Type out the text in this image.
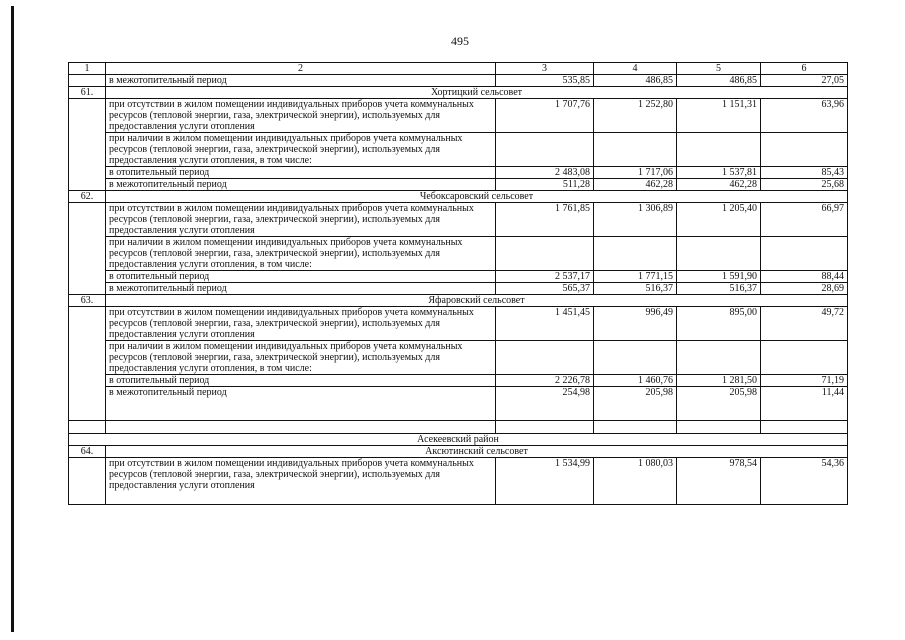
495
1	2	3	4	5	6
	в межотопительный период	535,85	486,85	486,85	27,05
61.	Хортицкий сельсовет				
	при отсутствии в жилом помещении индивидуальных приборов учета коммунальных ресурсов (тепловой энергии, газа, электрической энергии), используемых для предоставления услуги отопления	1 707,76	1 252,80	1 151,31	63,96
	при наличии в жилом помещении индивидуальных приборов учета коммунальных ресурсов (тепловой энергии, газа, электрической энергии), используемых для предоставления услуги отопления, в том числе:				
	в отопительный период	2 483,08	1 717,06	1 537,81	85,43
	в межотопительный период	511,28	462,28	462,28	25,68
62.	Чебоксаровский сельсовет				
	при отсутствии в жилом помещении индивидуальных приборов учета коммунальных ресурсов (тепловой энергии, газа, электрической энергии), используемых для предоставления услуги отопления	1 761,85	1 306,89	1 205,40	66,97
	при наличии в жилом помещении индивидуальных приборов учета коммунальных ресурсов (тепловой энергии, газа, электрической энергии), используемых для предоставления услуги отопления, в том числе:				
	в отопительный период	2 537,17	1 771,15	1 591,90	88,44
	в межотопительный период	565,37	516,37	516,37	28,69
63.	Яфаровский сельсовет				
	при отсутствии в жилом помещении индивидуальных приборов учета коммунальных ресурсов (тепловой энергии, газа, электрической энергии), используемых для предоставления услуги отопления	1 451,45	996,49	895,00	49,72
	при наличии в жилом помещении индивидуальных приборов учета коммунальных ресурсов (тепловой энергии, газа, электрической энергии), используемых для предоставления услуги отопления, в том числе:				
	в отопительный период	2 226,78	1 460,76	1 281,50	71,19
	в межотопительный период	254,98	205,98	205,98	11,44

Асекеевский район					
64.	Аксютинский сельсовет				
	при отсутствии в жилом помещении индивидуальных приборов учета коммунальных ресурсов (тепловой энергии, газа, электрической энергии), используемых для предоставления услуги отопления	1 534,99	1 080,03	978,54	54,36
